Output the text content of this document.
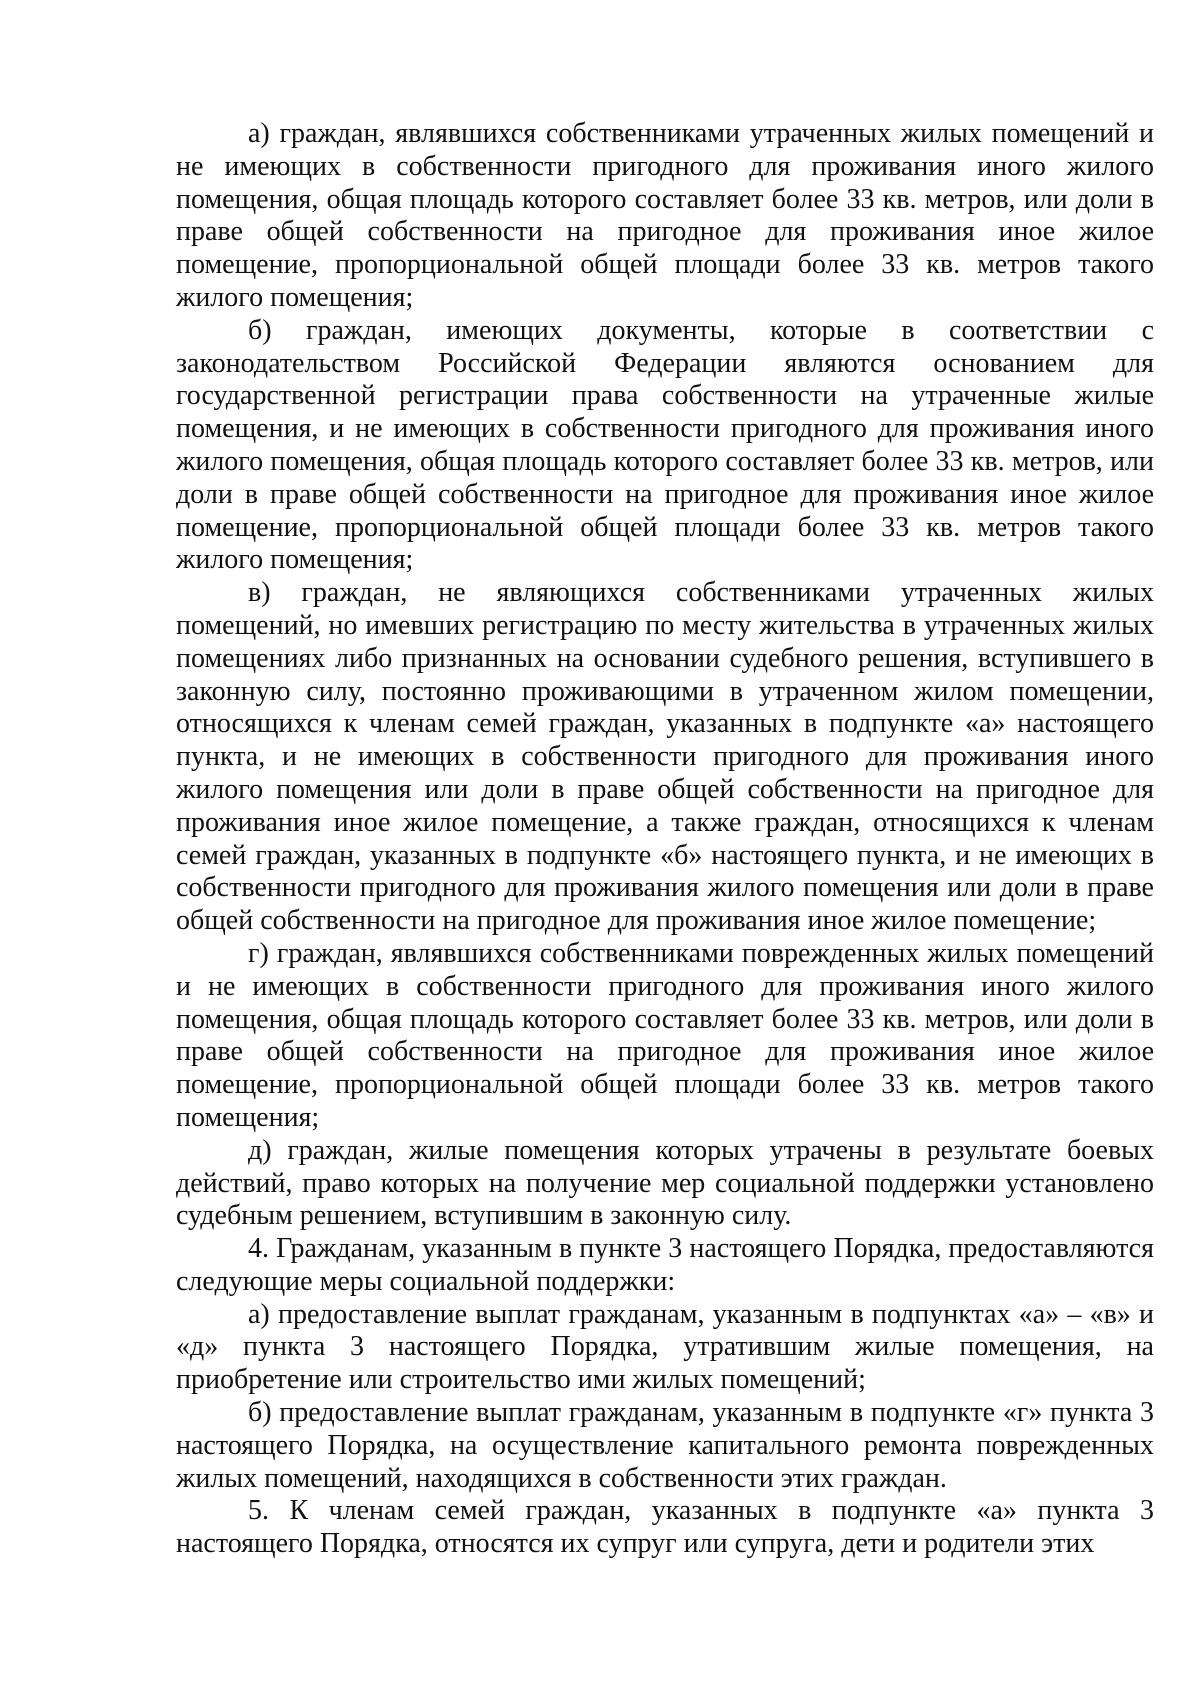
а) граждан, являвшихся собственниками утраченных жилых помещений и не имеющих в собственности пригодного для проживания иного жилого помещения, общая площадь которого составляет более 33 кв. метров, или доли в праве общей собственности на пригодное для проживания иное жилое помещение, пропорциональной общей площади более 33 кв. метров такого жилого помещения;

б) граждан, имеющих документы, которые в соответствии с законодательством Российской Федерации являются основанием для государственной регистрации права собственности на утраченные жилые помещения, и не имеющих в собственности пригодного для проживания иного жилого помещения, общая площадь которого составляет более 33 кв. метров, или доли в праве общей собственности на пригодное для проживания иное жилое помещение, пропорциональной общей площади более 33 кв. метров такого жилого помещения;

в) граждан, не являющихся собственниками утраченных жилых помещений, но имевших регистрацию по месту жительства в утраченных жилых помещениях либо признанных на основании судебного решения, вступившего в законную силу, постоянно проживающими в утраченном жилом помещении, относящихся к членам семей граждан, указанных в подпункте «а» настоящего пункта, и не имеющих в собственности пригодного для проживания иного жилого помещения или доли в праве общей собственности на пригодное для проживания иное жилое помещение, а также граждан, относящихся к членам семей граждан, указанных в подпункте «б» настоящего пункта, и не имеющих в собственности пригодного для проживания жилого помещения или доли в праве общей собственности на пригодное для проживания иное жилое помещение;

г) граждан, являвшихся собственниками поврежденных жилых помещений и не имеющих в собственности пригодного для проживания иного жилого помещения, общая площадь которого составляет более 33 кв. метров, или доли в праве общей собственности на пригодное для проживания иное жилое помещение, пропорциональной общей площади более 33 кв. метров такого помещения;

д) граждан, жилые помещения которых утрачены в результате боевых действий, право которых на получение мер социальной поддержки установлено судебным решением, вступившим в законную силу.

4. Гражданам, указанным в пункте 3 настоящего Порядка, предоставляются следующие меры социальной поддержки:

а) предоставление выплат гражданам, указанным в подпунктах «а» – «в» и «д» пункта 3 настоящего Порядка, утратившим жилые помещения, на приобретение или строительство ими жилых помещений;

б) предоставление выплат гражданам, указанным в подпункте «г» пункта 3 настоящего Порядка, на осуществление капитального ремонта поврежденных жилых помещений, находящихся в собственности этих граждан.

5. К членам семей граждан, указанных в подпункте «а» пункта 3 настоящего Порядка, относятся их супруг или супруга, дети и родители этих
